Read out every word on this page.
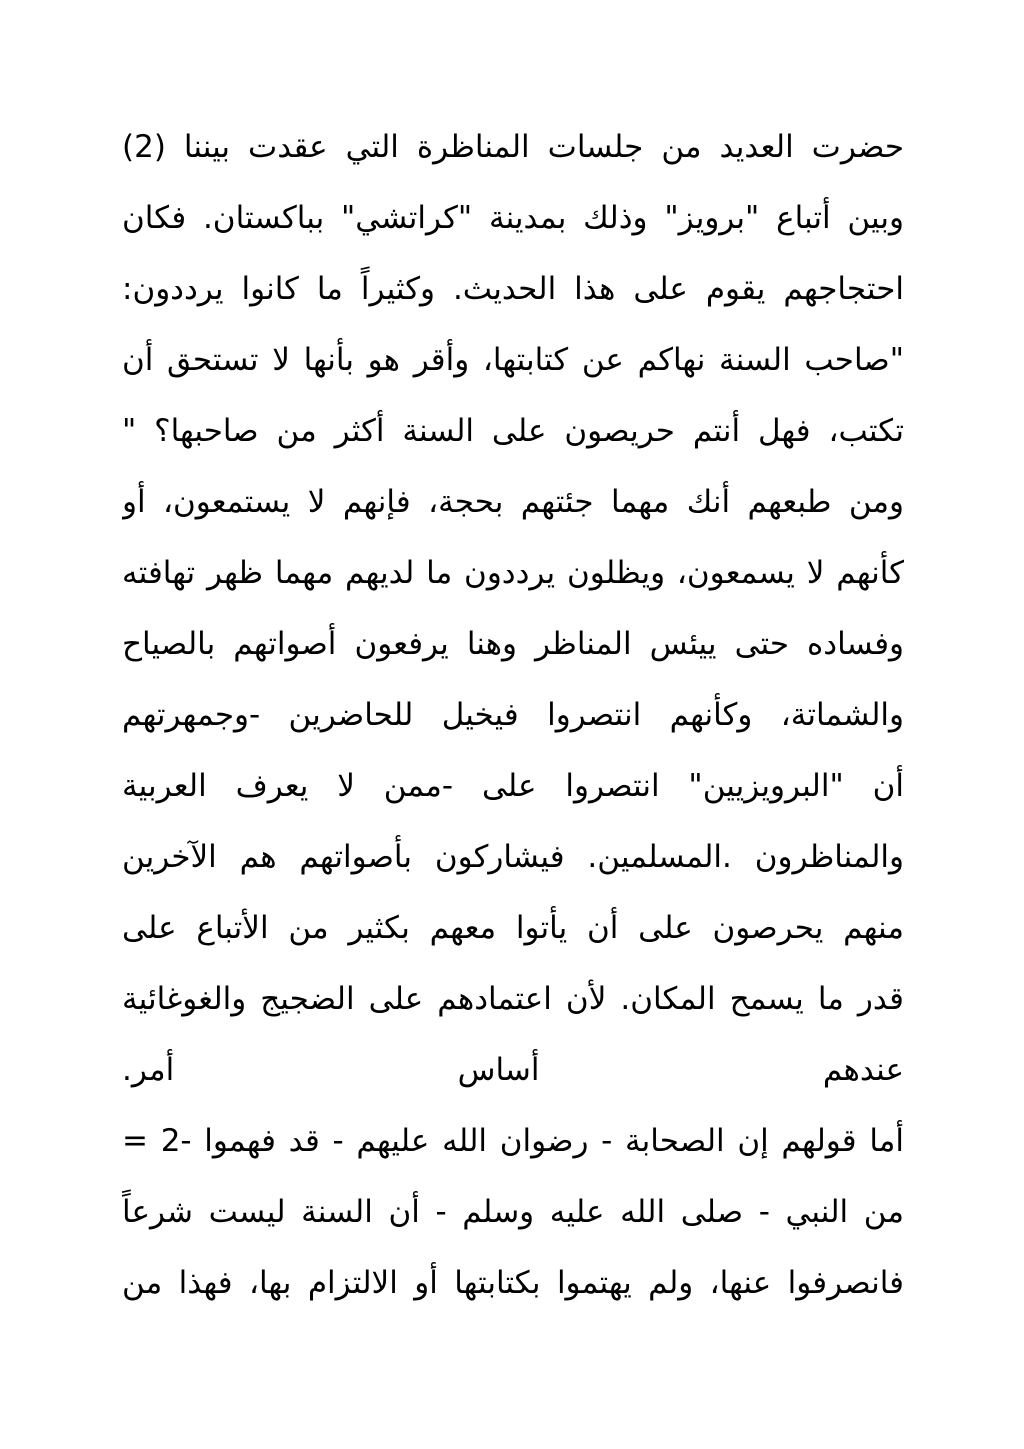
حضرت العديد من جلسات المناظرة التي عقدت بيننا (2)
وبين أتباع "برويز" وذلك بمدينة "كراتشي" بباكستان. فكان
احتجاجهم يقوم على هذا الحديث. وكثيراً ما كانوا يرددون:
"صاحب السنة نهاكم عن كتابتها، وأقر هو بأنها لا تستحق أن
تكتب، فهل أنتم حريصون على السنة أكثر من صاحبها؟ "
ومن طبعهم أنك مهما جئتهم بحجة، فإنهم لا يستمعون، أو
كأنهم لا يسمعون، ويظلون يرددون ما لديهم مهما ظهر تهافته
وفساده حتى ييئس المناظر وهنا يرفعون أصواتهم بالصياح
والشماتة، وكأنهم انتصروا فيخيل للحاضرين -وجمهرتهم
أن "البرويزيين" انتصروا على -ممن لا يعرف العربية
والمناظرون .المسلمين. فيشاركون بأصواتهم هم الآخرين
منهم يحرصون على أن يأتوا معهم بكثير من الأتباع على
قدر ما يسمح المكان. لأن اعتمادهم على الضجيج والغوغائية
عندهم
أساس
أمر.
أما قولهم إن الصحابة - رضوان الله عليهم - قد فهموا -2 =
من النبي - صلى الله عليه وسلم - أن السنة ليست شرعاً
فانصرفوا عنها، ولم يهتموا بكتابتها أو الالتزام بها، فهذا من
